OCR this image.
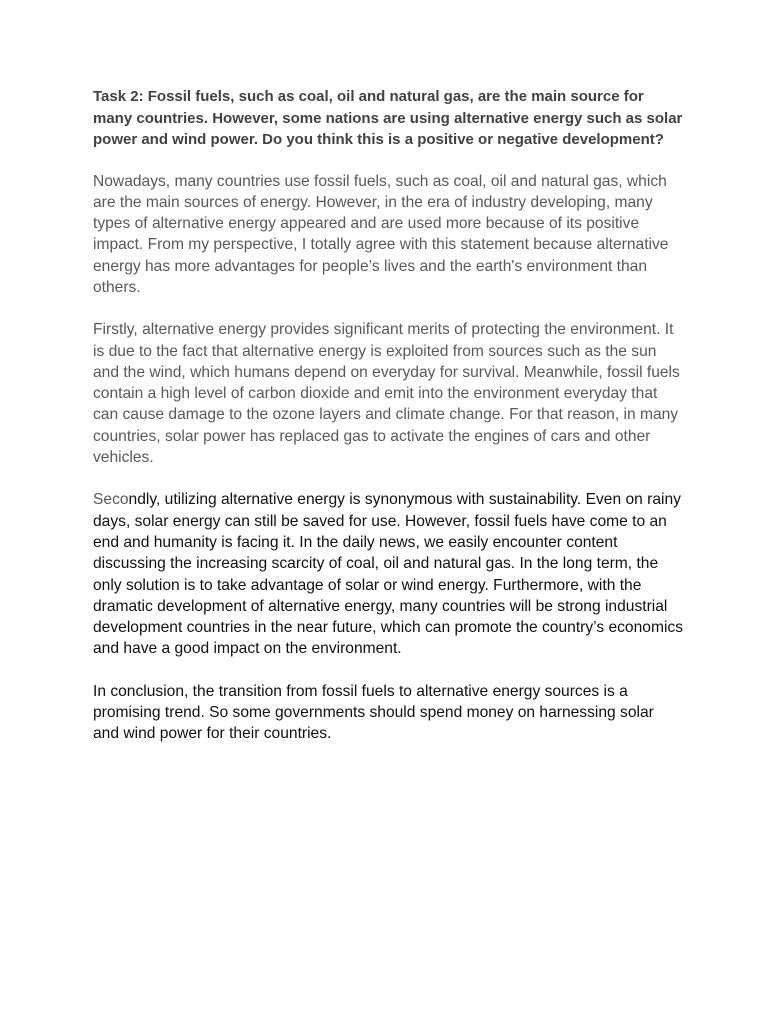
Task 2: Fossil fuels, such as coal, oil and natural gas, are the main source for many countries. However, some nations are using alternative energy such as solar power and wind power. Do you think this is a positive or negative development?

Nowadays, many countries use fossil fuels, such as coal, oil and natural gas, which are the main sources of energy. However, in the era of industry developing, many types of alternative energy appeared and are used more because of its positive impact. From my perspective, I totally agree with this statement because alternative energy has more advantages for people’s lives and the earth's environment than others.

Firstly, alternative energy provides significant merits of protecting the environment. It is due to the fact that alternative energy is exploited from sources such as the sun and the wind, which humans depend on everyday for survival. Meanwhile, fossil fuels contain a high level of carbon dioxide and emit into the environment everyday that can cause damage to the ozone layers and climate change. For that reason, in many countries, solar power has replaced gas to activate the engines of cars and other vehicles.

Secondly, utilizing alternative energy is synonymous with sustainability. Even on rainy days, solar energy can still be saved for use. However, fossil fuels have come to an end and humanity is facing it. In the daily news, we easily encounter content discussing the increasing scarcity of coal, oil and natural gas. In the long term, the only solution is to take advantage of solar or wind energy. Furthermore, with the dramatic development of alternative energy, many countries will be strong industrial development countries in the near future, which can promote the country’s economics and have a good impact on the environment.

In conclusion, the transition from fossil fuels to alternative energy sources is a promising trend. So some governments should spend money on harnessing solar and wind power for their countries.
